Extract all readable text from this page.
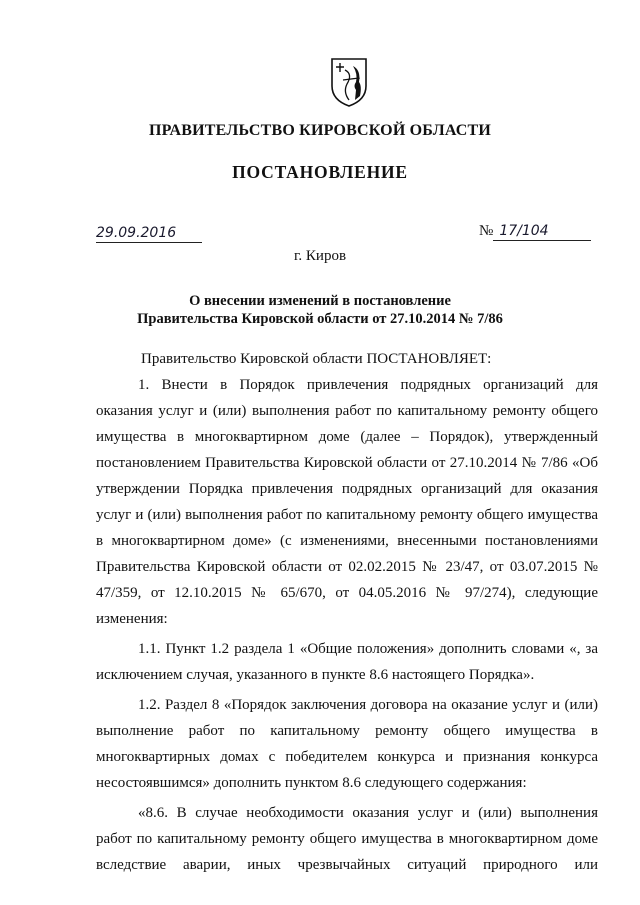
ПРАВИТЕЛЬСТВО КИРОВСКОЙ ОБЛАСТИ
ПОСТАНОВЛЕНИЕ
29.09.2016	№ 17/104
г. Киров
О внесении изменений в постановление
Правительства Кировской области от 27.10.2014 № 7/86

Правительство Кировской области ПОСТАНОВЛЯЕТ:

1. Внести в Порядок привлечения подрядных организаций для оказания услуг и (или) выполнения работ по капитальному ремонту общего имущества в многоквартирном доме (далее – Порядок), утвержденный постановлением Правительства Кировской области от 27.10.2014 № 7/86 «Об утверждении Порядка привлечения подрядных организаций для оказания услуг и (или) выполнения работ по капитальному ремонту общего имущества в многоквартирном доме» (с изменениями, внесенными постановлениями Правительства Кировской области от 02.02.2015 № 23/47, от 03.07.2015 № 47/359, от 12.10.2015 № 65/670, от 04.05.2016 № 97/274), следующие изменения:

1.1. Пункт 1.2 раздела 1 «Общие положения» дополнить словами «, за исключением случая, указанного в пункте 8.6 настоящего Порядка».

1.2. Раздел 8 «Порядок заключения договора на оказание услуг и (или) выполнение работ по капитальному ремонту общего имущества в многоквартирных домах с победителем конкурса и признания конкурса несостоявшимся» дополнить пунктом 8.6 следующего содержания:

«8.6. В случае необходимости оказания услуг и (или) выполнения работ по капитальному ремонту общего имущества в многоквартирном доме вследствие аварии, иных чрезвычайных ситуаций природного или
